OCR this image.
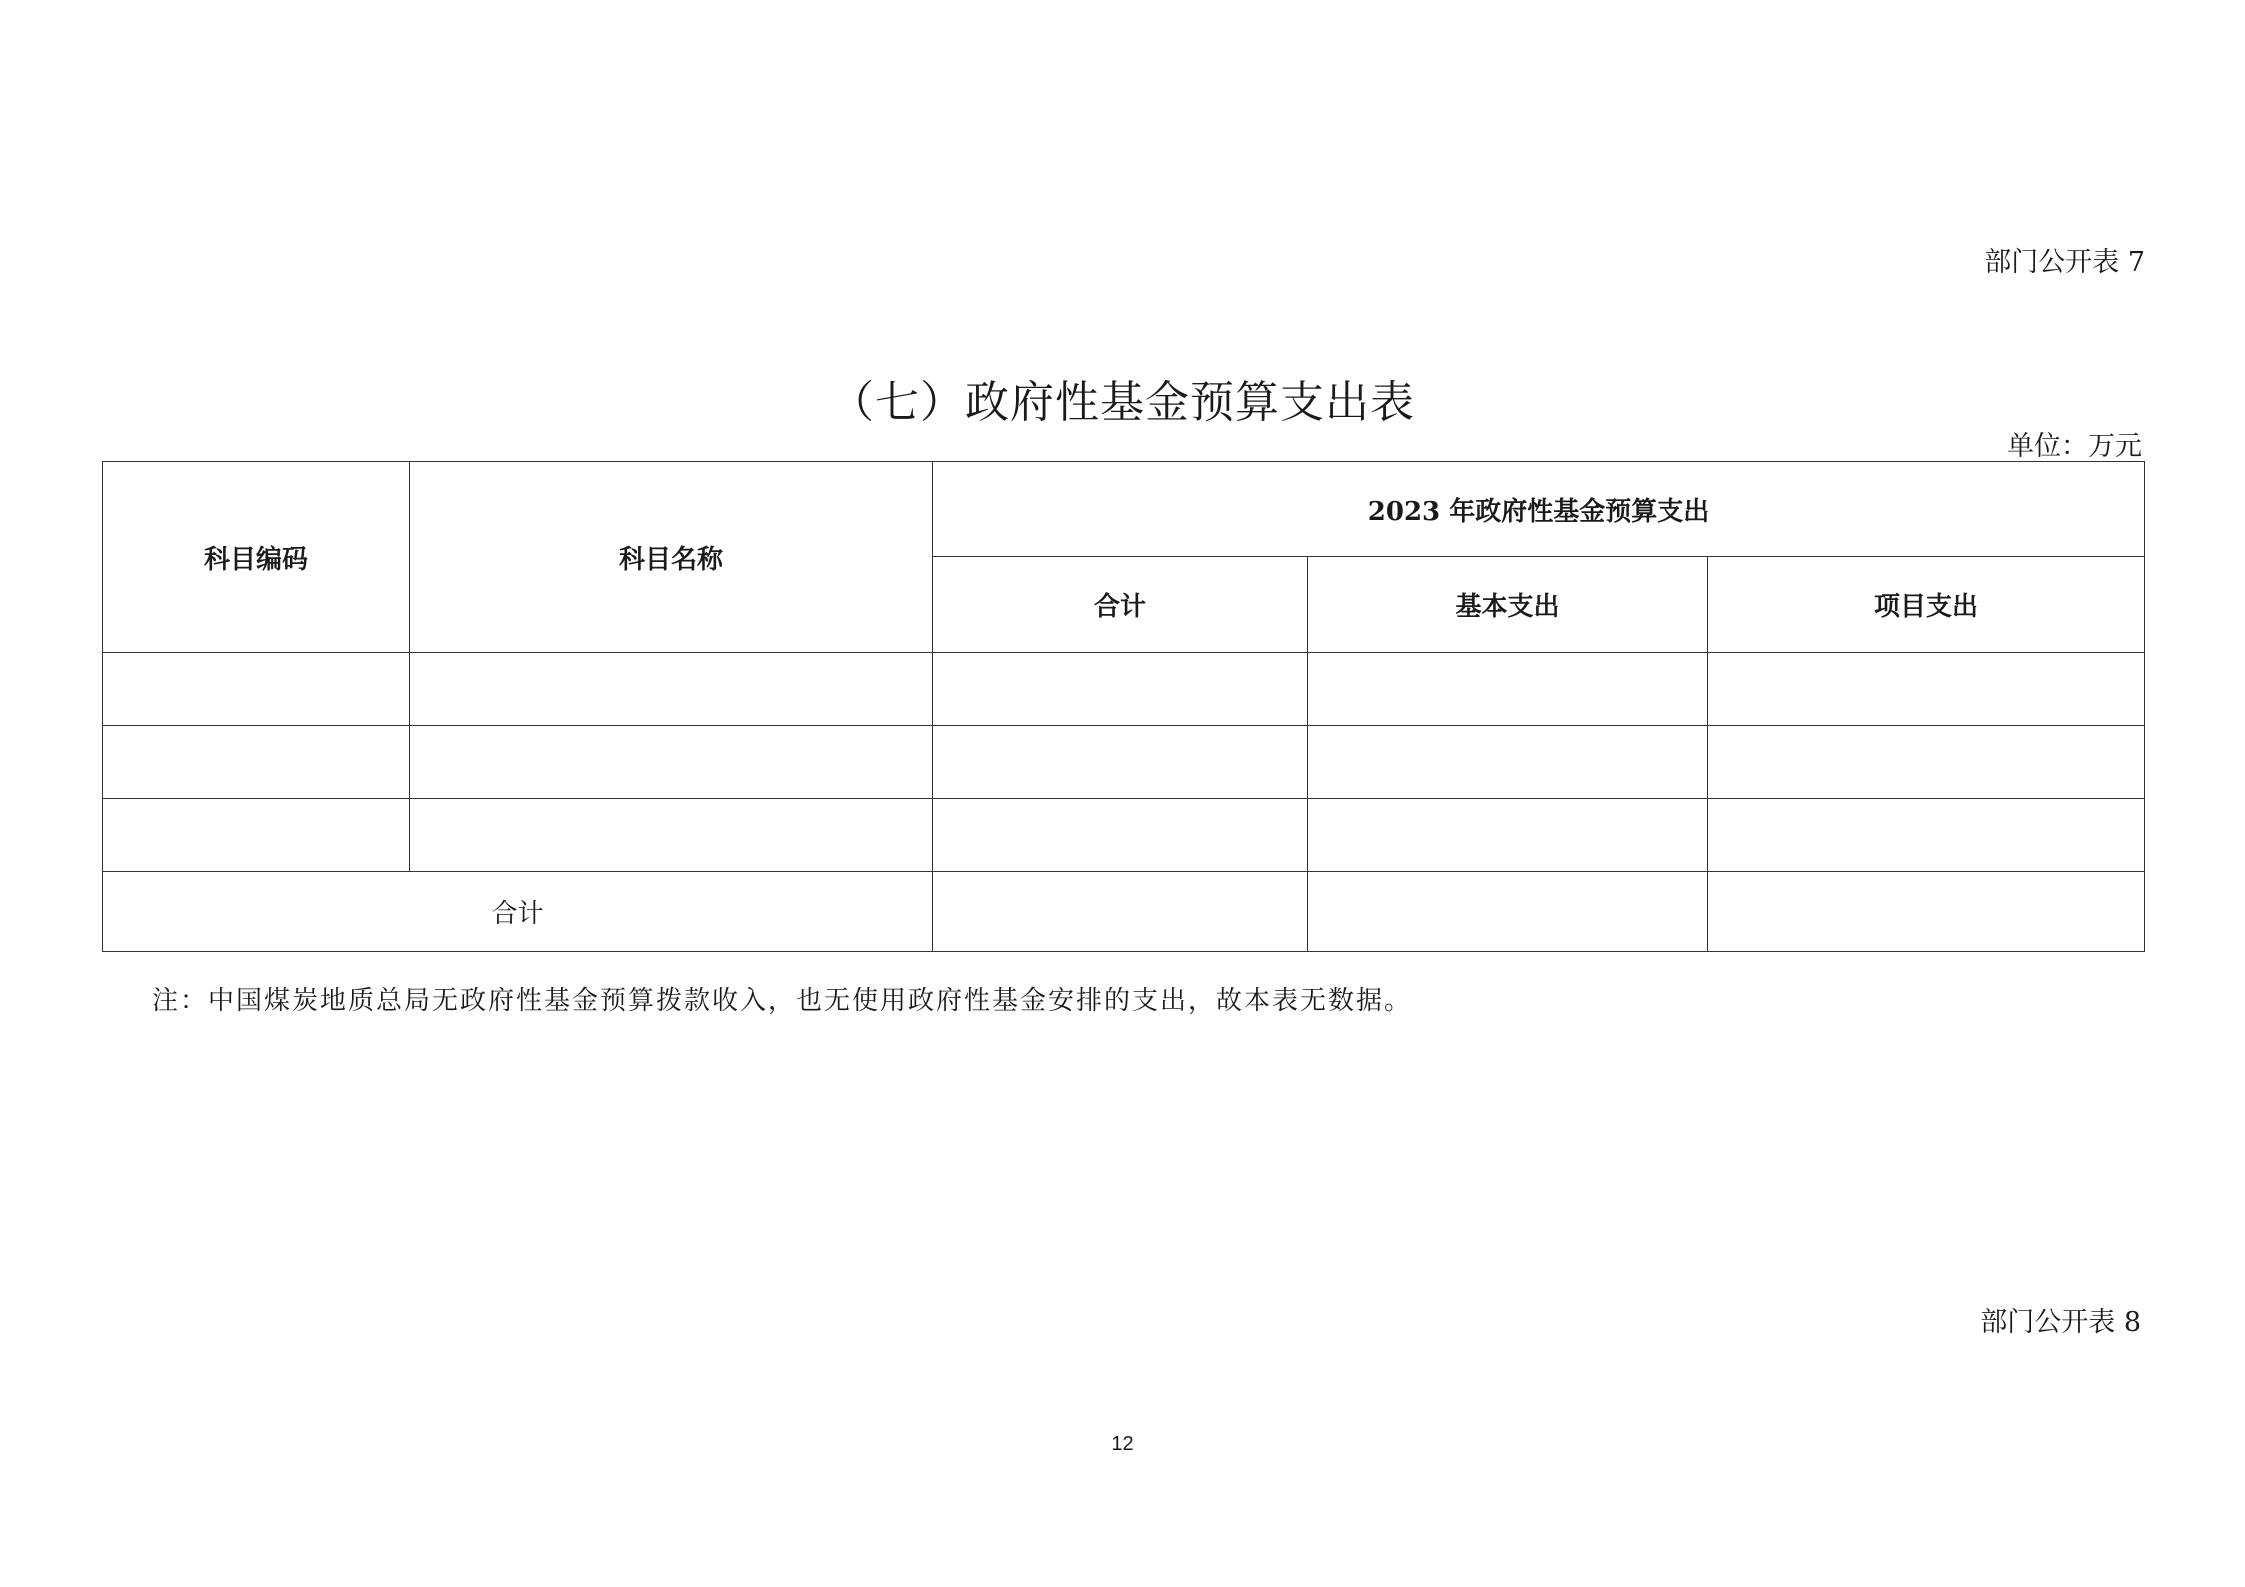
部门公开表 7
（七）政府性基金预算支出表
单位：万元
科目编码	科目名称	2023 年政府性基金预算支出		
		合计	基本支出	项目支出

合计				
注：中国煤炭地质总局无政府性基金预算拨款收入，也无使用政府性基金安排的支出，故本表无数据。
部门公开表 8
12
